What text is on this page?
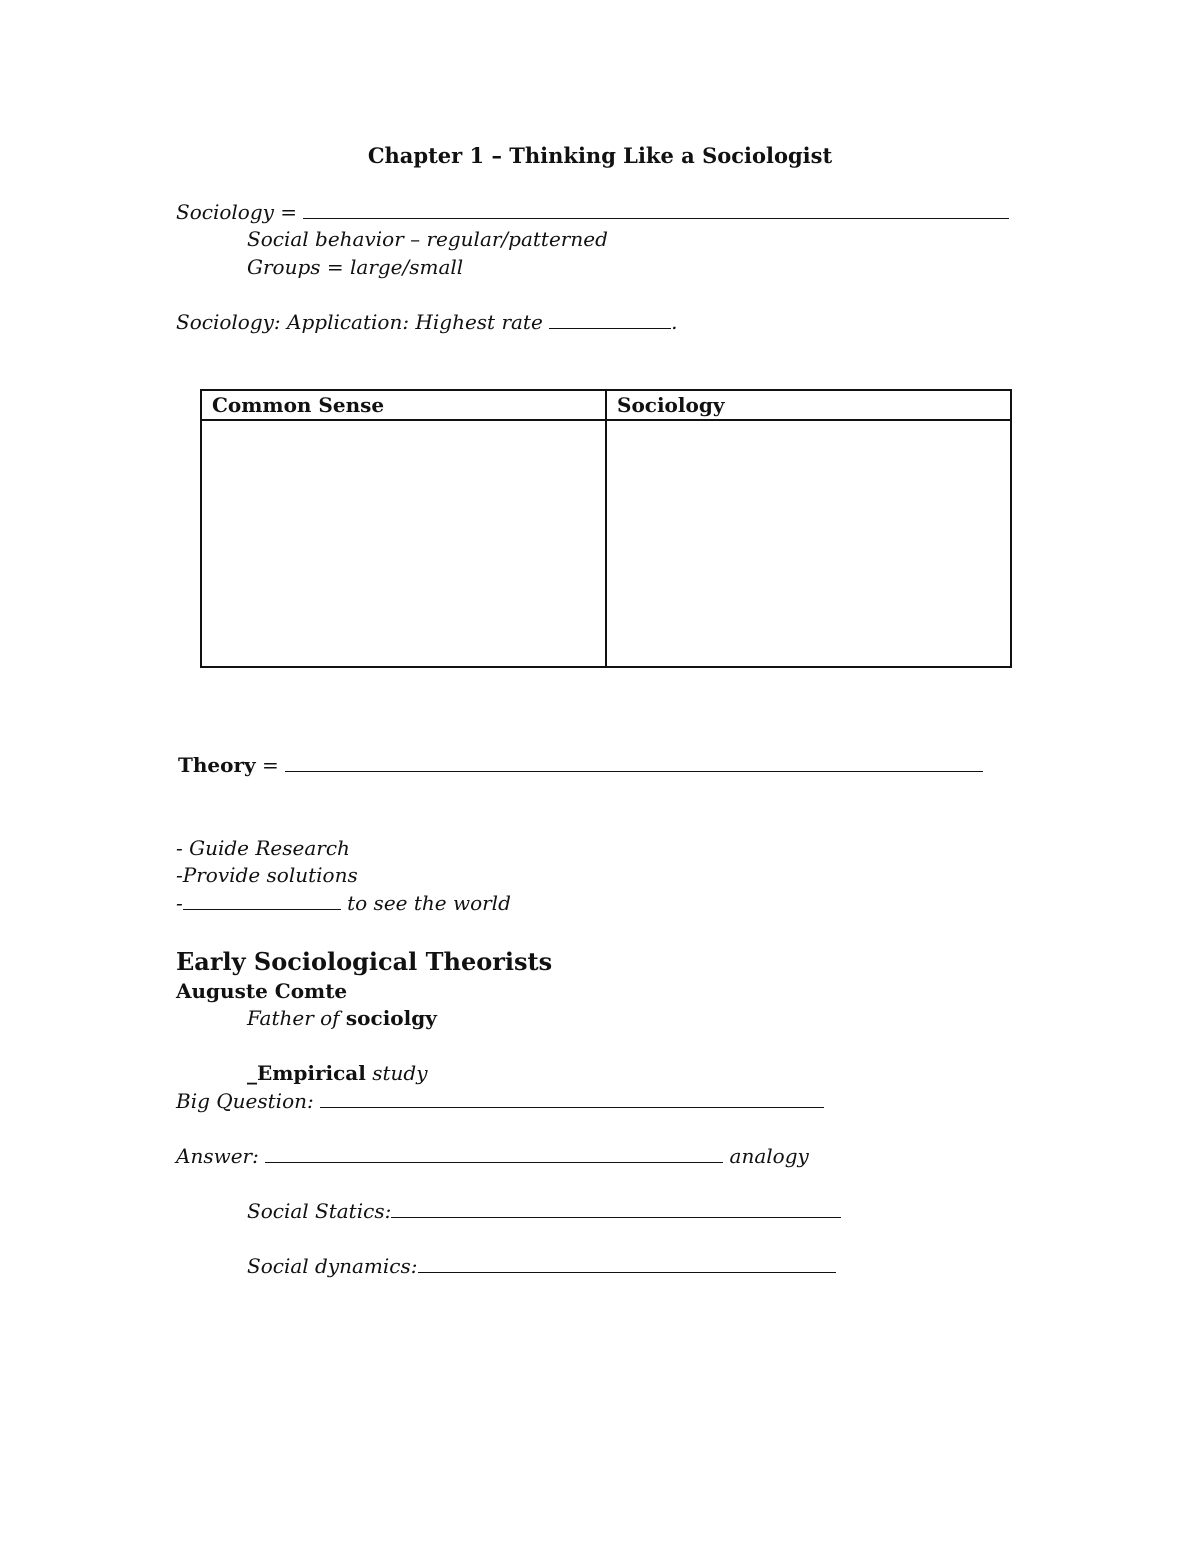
Chapter 1 – Thinking Like a Sociologist
Sociology =
Social behavior – regular/patterned
Groups = large/small
Sociology: Application: Highest rate	.
Common Sense	Sociology

Theory =
- Guide Research
-Provide solutions
-	to see the world
Early Sociological Theorists
Auguste Comte
Father of sociolgy
_Empirical study
Big Question:
Answer:	analogy
Social Statics:
Social dynamics:
